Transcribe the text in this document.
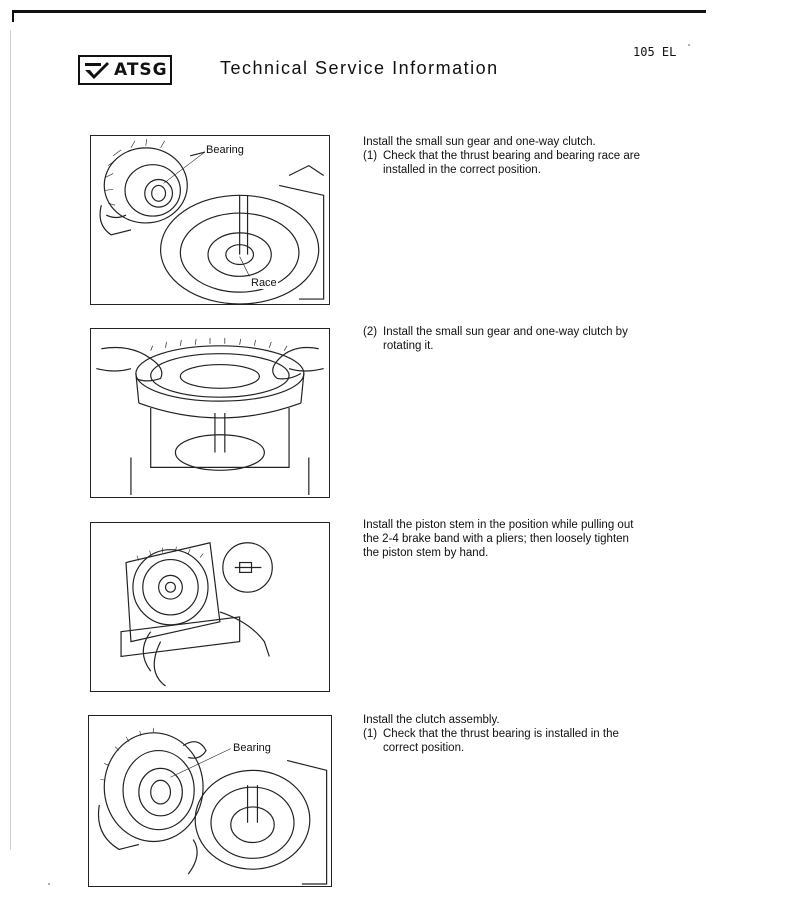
ATSG	Technical Service Information
105 EL
Bearing
Race
Install the small sun gear and one-way clutch.
(1) Check that the thrust bearing and bearing race are installed in the correct position.
(2) Install the small sun gear and one-way clutch by rotating it.
Install the piston stem in the position while pulling out the 2-4 brake band with a pliers; then loosely tighten the piston stem by hand.
Bearing
Install the clutch assembly.
(1) Check that the thrust bearing is installed in the correct position.
